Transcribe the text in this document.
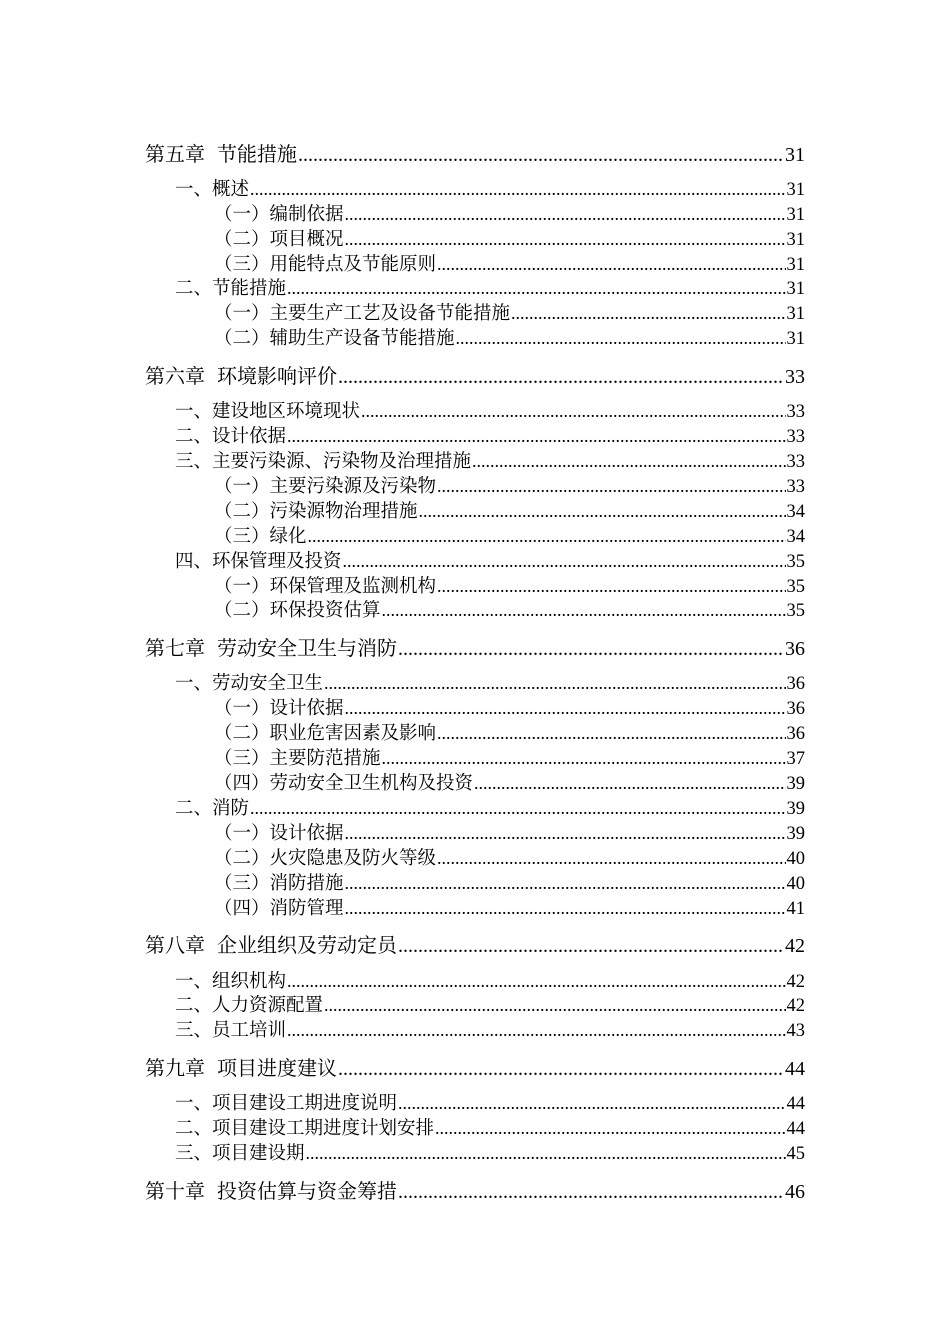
第五章 节能措施 .....	31
一、概述 .....	31
（一）编制依据 .....	31
（二）项目概况 .....	31
（三）用能特点及节能原则 .....	31
二、节能措施 .....	31
（一）主要生产工艺及设备节能措施 .....	31
（二）辅助生产设备节能措施 .....	31
第六章 环境影响评价 .....	33
一、建设地区环境现状 .....	33
二、设计依据 .....	33
三、主要污染源、污染物及治理措施 .....	33
（一）主要污染源及污染物 .....	33
（二）污染源物治理措施 .....	34
（三）绿化 .....	34
四、环保管理及投资 .....	35
（一）环保管理及监测机构 .....	35
（二）环保投资估算 .....	35
第七章 劳动安全卫生与消防 .....	36
一、劳动安全卫生 .....	36
（一）设计依据 .....	36
（二）职业危害因素及影响 .....	36
（三）主要防范措施 .....	37
（四）劳动安全卫生机构及投资 .....	39
二、消防 .....	39
（一）设计依据 .....	39
（二）火灾隐患及防火等级 .....	40
（三）消防措施 .....	40
（四）消防管理 .....	41
第八章 企业组织及劳动定员 .....	42
一、组织机构 .....	42
二、人力资源配置 .....	42
三、员工培训 .....	43
第九章 项目进度建议 .....	44
一、项目建设工期进度说明 .....	44
二、项目建设工期进度计划安排 .....	44
三、项目建设期 .....	45
第十章 投资估算与资金筹措 .....	46
